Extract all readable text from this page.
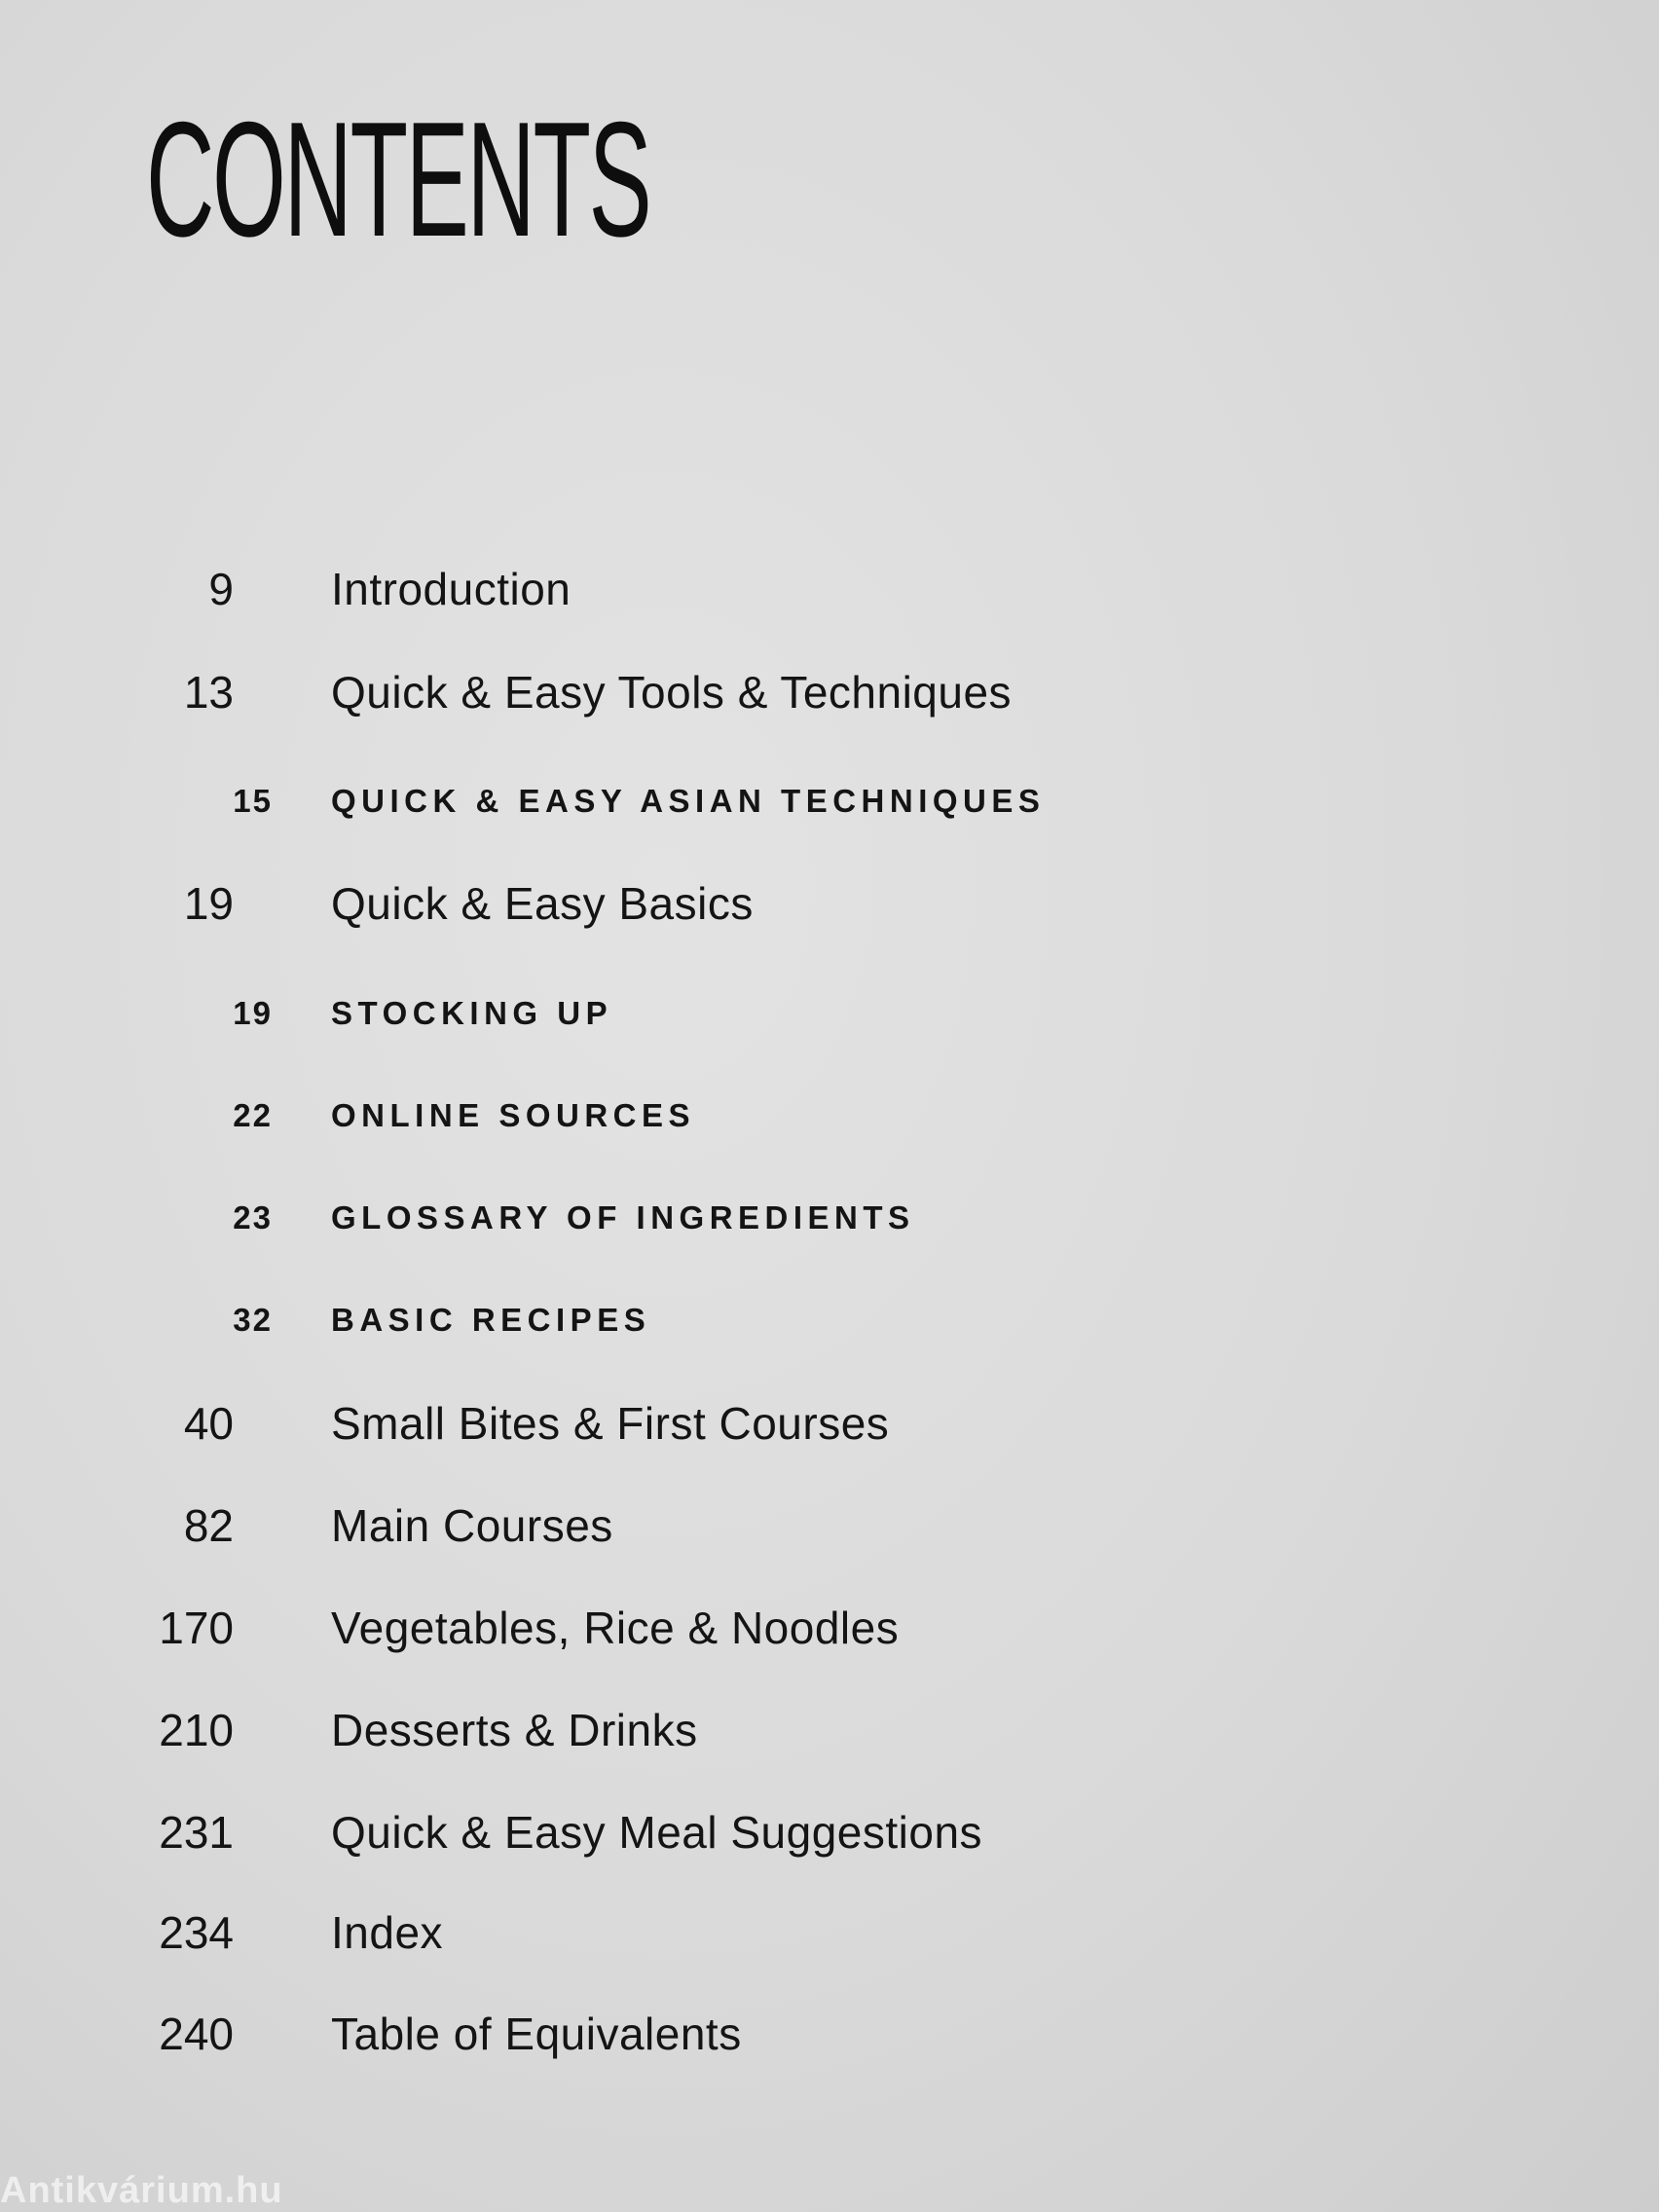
CONTENTS
9 Introduction
13 Quick & Easy Tools & Techniques
15 QUICK & EASY ASIAN TECHNIQUES
19 Quick & Easy Basics
19 STOCKING UP
22 ONLINE SOURCES
23 GLOSSARY OF INGREDIENTS
32 BASIC RECIPES
40 Small Bites & First Courses
82 Main Courses
170 Vegetables, Rice & Noodles
210 Desserts & Drinks
231 Quick & Easy Meal Suggestions
234 Index
240 Table of Equivalents
Antikvárium.hu
